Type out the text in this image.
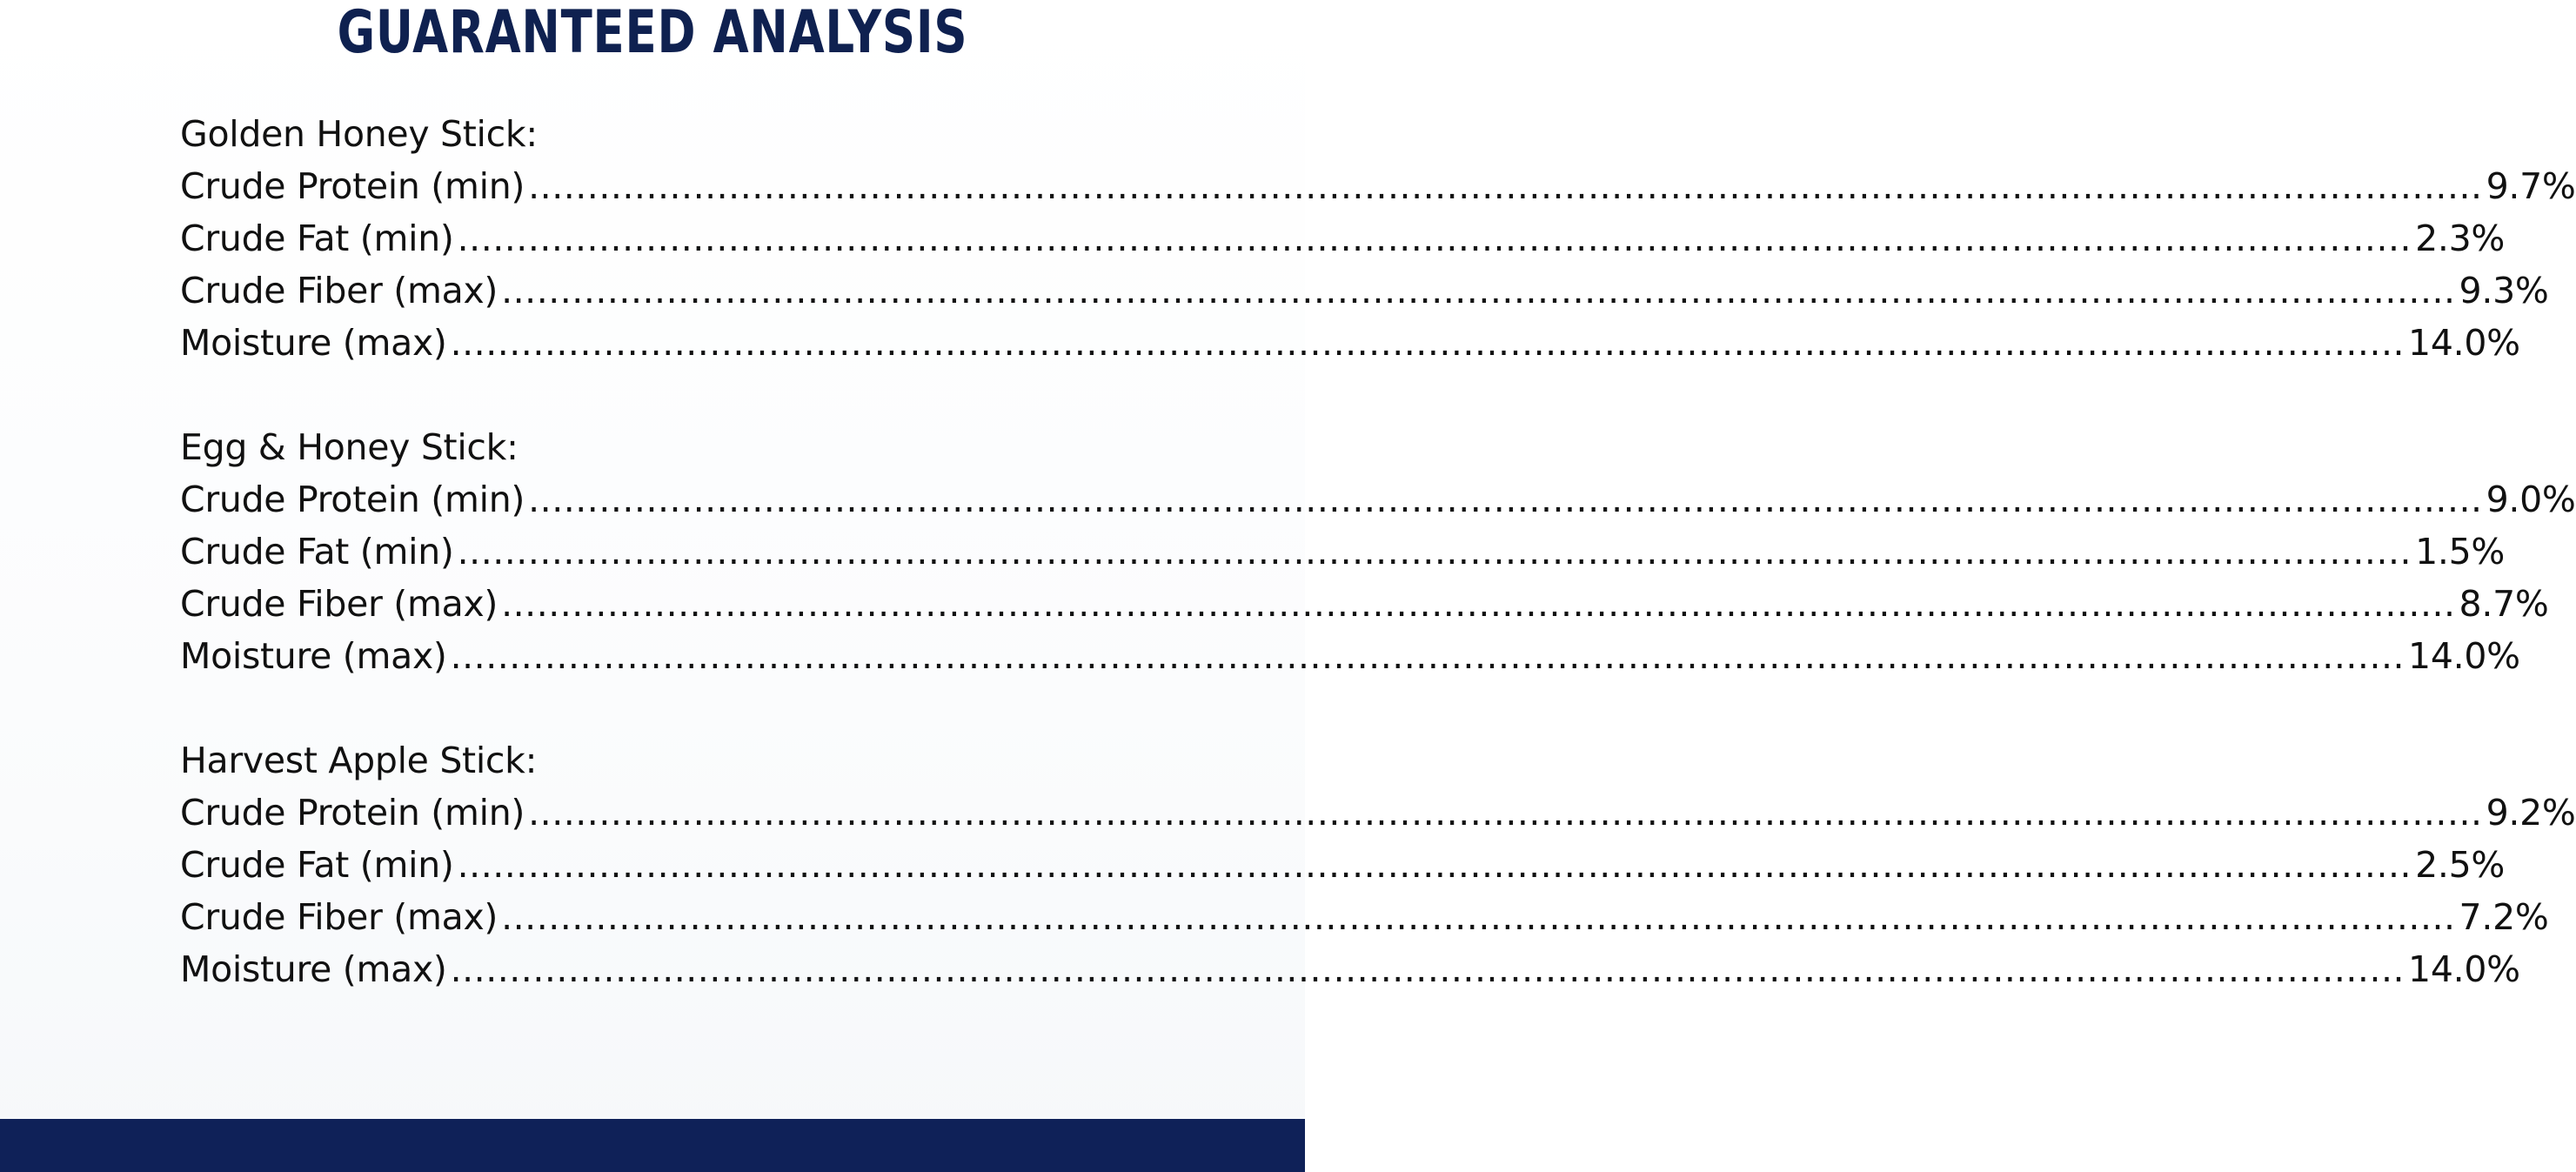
GUARANTEED ANALYSIS
Golden Honey Stick:
Crude Protein (min) ...................................................................................................................................................................... 9.7%
Crude Fat (min) ...................................................................................................................................................................... 2.3%
Crude Fiber (max) ...................................................................................................................................................................... 9.3%
Moisture (max) ...................................................................................................................................................................... 14.0%
Egg & Honey Stick:
Crude Protein (min) ...................................................................................................................................................................... 9.0%
Crude Fat (min) ...................................................................................................................................................................... 1.5%
Crude Fiber (max) ...................................................................................................................................................................... 8.7%
Moisture (max) ...................................................................................................................................................................... 14.0%
Harvest Apple Stick:
Crude Protein (min) ...................................................................................................................................................................... 9.2%
Crude Fat (min) ...................................................................................................................................................................... 2.5%
Crude Fiber (max) ...................................................................................................................................................................... 7.2%
Moisture (max) ...................................................................................................................................................................... 14.0%
